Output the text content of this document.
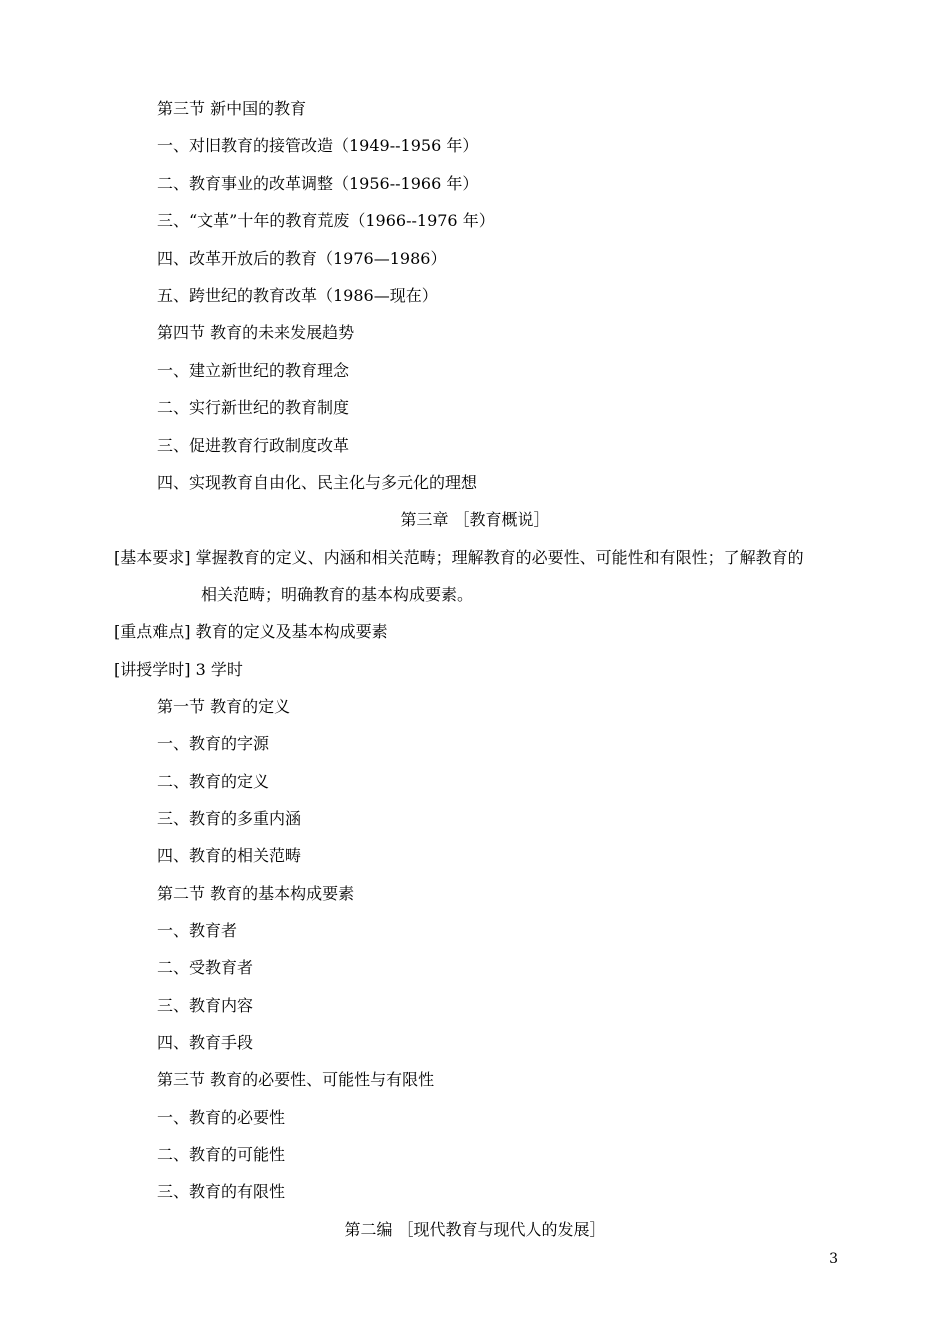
第三节 新中国的教育
一、对旧教育的接管改造（1949--1956 年）
二、教育事业的改革调整（1956--1966 年）
三、“文革”十年的教育荒废（1966--1976 年）
四、改革开放后的教育（1976—1986）
五、跨世纪的教育改革（1986—现在）
第四节 教育的未来发展趋势
一、建立新世纪的教育理念
二、实行新世纪的教育制度
三、促进教育行政制度改革
四、实现教育自由化、民主化与多元化的理想
第三章 ［教育概说］
[基本要求] 掌握教育的定义、内涵和相关范畴；理解教育的必要性、可能性和有限性；了解教育的
相关范畴；明确教育的基本构成要素。
[重点难点] 教育的定义及基本构成要素
[讲授学时] 3 学时
第一节 教育的定义
一、教育的字源
二、教育的定义
三、教育的多重内涵
四、教育的相关范畴
第二节 教育的基本构成要素
一、教育者
二、受教育者
三、教育内容
四、教育手段
第三节 教育的必要性、可能性与有限性
一、教育的必要性
二、教育的可能性
三、教育的有限性
第二编 ［现代教育与现代人的发展］
3
